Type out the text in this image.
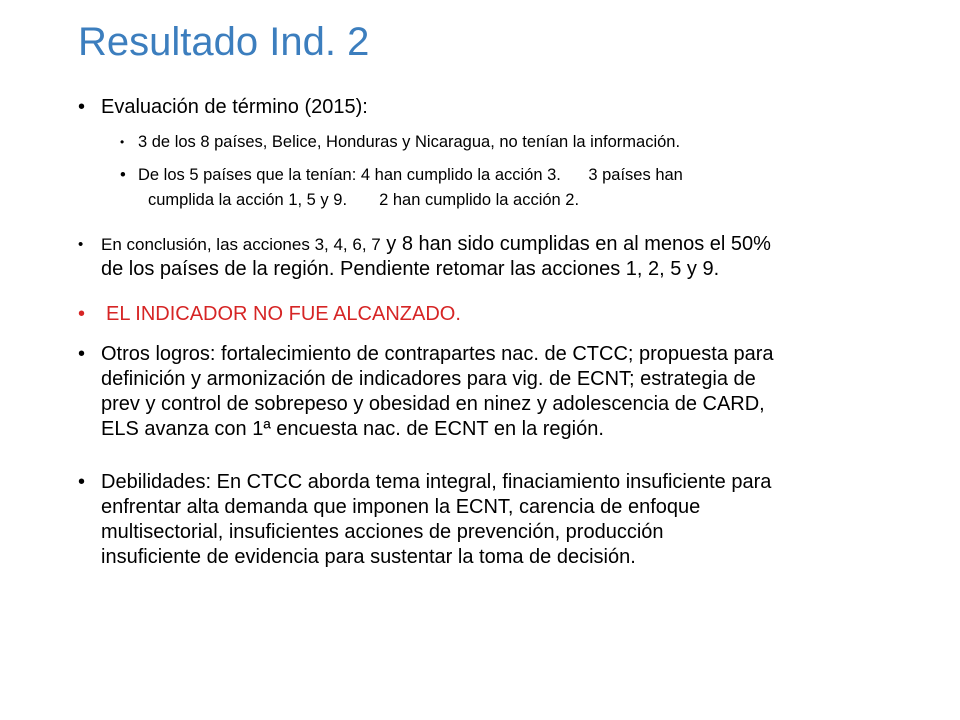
Resultado Ind. 2
• Evaluación de término (2015):
• 3 de los 8 países, Belice, Honduras y Nicaragua, no tenían la información.
• De los 5 países que la tenían: 4 han cumplido la acción 3.      3 países han
cumplida la acción 1, 5 y 9.       2 han cumplido la acción 2.
• En conclusión, las acciones 3, 4, 6, 7 y 8 han sido cumplidas en al menos el 50%
de los países de la región. Pendiente retomar las acciones 1, 2, 5 y 9.
• EL INDICADOR NO FUE ALCANZADO.
• Otros logros: fortalecimiento de contrapartes nac. de CTCC; propuesta para
definición y armonización de indicadores para vig. de ECNT; estrategia de
prev y control de sobrepeso y obesidad en ninez y adolescencia de CARD,
ELS avanza con 1ª encuesta nac. de ECNT en la región.
• Debilidades: En CTCC aborda tema integral, finaciamiento insuficiente para
enfrentar alta demanda que imponen la ECNT, carencia de enfoque
multisectorial, insuficientes acciones de prevención, producción
insuficiente de evidencia para sustentar la toma de decisión.
